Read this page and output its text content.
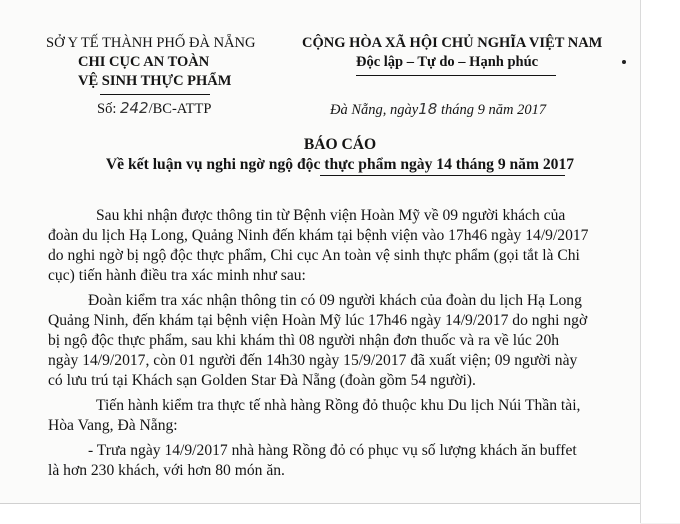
SỞ Y TẾ THÀNH PHỐ ĐÀ NẴNG
CHI CỤC AN TOÀN
VỆ SINH THỰC PHẨM
Số: 242/BC-ATTP
CỘNG HÒA XÃ HỘI CHỦ NGHĨA VIỆT NAM
Độc lập – Tự do – Hạnh phúc
Đà Nẵng, ngày18 tháng 9 năm 2017
BÁO CÁO
Về kết luận vụ nghi ngờ ngộ độc thực phẩm ngày 14 tháng 9 năm 2017
Sau khi nhận được thông tin từ Bệnh viện Hoàn Mỹ về 09 người khách của
đoàn du lịch Hạ Long, Quảng Ninh đến khám tại bệnh viện vào 17h46 ngày 14/9/2017
do nghi ngờ bị ngộ độc thực phẩm, Chi cục An toàn vệ sinh thực phẩm (gọi tắt là Chi
cục) tiến hành điều tra xác minh như sau:
Đoàn kiểm tra xác nhận thông tin có 09 người khách của đoàn du lịch Hạ Long
Quảng Ninh, đến khám tại bệnh viện Hoàn Mỹ lúc 17h46 ngày 14/9/2017 do nghi ngờ
bị ngộ độc thực phẩm, sau khi khám thì 08 người nhận đơn thuốc và ra về lúc 20h
ngày 14/9/2017, còn 01 người đến 14h30 ngày 15/9/2017 đã xuất viện; 09 người này
có lưu trú tại Khách sạn Golden Star Đà Nẵng (đoàn gồm 54 người).
Tiến hành kiểm tra thực tế nhà hàng Rồng đỏ thuộc khu Du lịch Núi Thần tài,
Hòa Vang, Đà Nẵng:
- Trưa ngày 14/9/2017 nhà hàng Rồng đỏ có phục vụ số lượng khách ăn buffet
là hơn 230 khách, với hơn 80 món ăn.
